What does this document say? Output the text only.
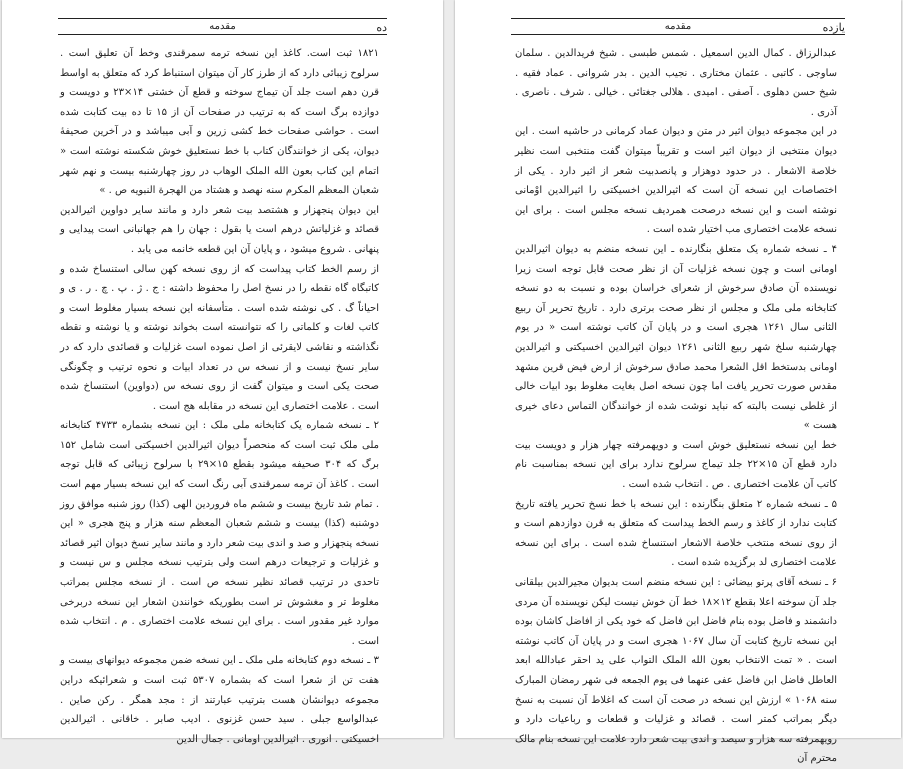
ده
مقدمه

۱۸۲۱ ثبت است. کاغذ این نسخه ترمه سمرقندی وخط آن تعلیق است . سرلوح زیبائی دارد که از طرز کار آن میتوان استنباط کرد که متعلق به اواسط قرن دهم است جلد آن تیماج سوخته و قطع آن خشتی ۱۴×۲۳ و دویست و دوازده برگ است که به ترتیب در صفحات آن از ۱۵ تا ده بیت کتابت شده است . حواشی صفحات خط کشی زرین و آبی میباشد و در آخرین صحیفهٔ دیوان، یکی از خوانندگان کتاب با خط نستعلیق خوش شکسته نوشته است « اتمام این کتاب بعون الله الملک الوهاب در روز چهارشنبه بیست و نهم شهر شعبان المعظم المکرم سنه نهصد و هشتاد من الهجرة النبویه ص . »

این دیوان پنجهزار و هشتصد بیت شعر دارد و مانند سایر دواوین اثیرالدین قصائد و غزلیاتش درهم است یا بقول : جهان را هم جهانبانی است پیدایی و پنهانی . شروع میشود ، و پایان آن این قطعه خانمه می یابد .

از رسم الخط کتاب پیداست که از روی نسخه کهن سالی استنساخ شده و کاتبگاه گاه نقطه را در نسخ اصل را محفوظ داشته : ج . ژ . پ . چ . ر . ی و احیاناً گ . کی نوشته شده است . متأسفانه این نسخه بسیار مغلوط است و کاتب لغات و کلماتی را که نتوانسته است بخواند نوشته و یا نوشته و نقطه نگذاشته و نقاشی لایقرئی از اصل نموده است غزلیات و قصائدی دارد که در سایر نسخ نیست و از نسخه س در تعداد ابیات و نحوه ترتیب و چگونگی صحت یکی است و میتوان گفت از روی نسخه س (دواوین) استنساخ شده است . علامت اختصاری این نسخه در مقابله هج است .

۲ ـ نسخه شماره یک کتابخانه ملی ملک : این نسخه بشماره ۴۷۳۳ کتابخانه ملی ملک ثبت است که منحصراً دیوان اثیرالدین اخسیکتی است شامل ۱۵۲ برگ که ۳۰۴ صحیفه میشود بقطع ۱۵×۲۹ با سرلوح زیبائی که قابل توجه است . کاغذ آن ترمه سمرقندی آبی رنگ است که این نسخه بسیار مهم است . تمام شد تاریخ بیست و ششم ماه فروردین الهی (کذا) روز شنبه موافق روز دوشنبه (کذا) بیست و ششم شعبان المعظم سنه هزار و پنج هجری « این نسخه پنجهزار و صد و اندی بیت شعر دارد و مانند سایر نسخ دیوان اثیر قصائد و غزلیات و ترجیعات درهم است ولی بترتیب نسخه مجلس و س نیست و تاحدی در ترتیب قصائد نظیر نسخه ص است . از نسخه مجلس بمراتب مغلوط تر و مغشوش تر است بطوریکه خوانندن اشعار این نسخه دربرخی موارد غیر مقدور است . برای این نسخه علامت اختصاری . م . انتخاب شده است .

۳ ـ نسخه دوم کتابخانه ملی ملک ـ این نسخه ضمن مجموعه دیوانهای بیست و هفت تن از شعرا است که بشماره ۵۳۰۷ ثبت است و شعرائیکه دراین مجموعه دیوانشان هست بترتیب عبارتند از : مجد همگر . رکن صاین . عبدالواسع جبلی . سید حسن غزنوی . ادیب صابر . خاقانی . اثیرالدین اخسیکتی . انوری . اثیرالدین اومانی . جمال الدین

یازده
مقدمه

عبدالرزاق . کمال الدین اسمعیل . شمس طبسی . شیخ فریدالدین . سلمان ساوجی . کاتبی . عثمان مختاری . نجیب الدین . بدر شروانی . عماد فقیه . شیخ حسن دهلوی . آصفی . امیدی . هلالی جغتائی . خیالی . شرف . ناصری . آذری .

در این مجموعه دیوان اثیر در متن و دیوان عماد کرمانی در حاشیه است . این دیوان منتخبی از دیوان اثیر است و تقریباً میتوان گفت منتخبی است نظیر خلاصة الاشعار . در حدود دوهزار و پانصدبیت شعر از اثیر دارد . یکی از اختصاصات این نسخه آن است که اثیرالدین اخسیکتی را اثیرالدین اوْمانی نوشته است و این نسخه درصحت همردیف نسخه مجلس است . برای این نسخه علامت اختصاری مب اختیار شده است .

۴ ـ نسخه شماره یک متعلق بنگارنده ـ این نسخه منضم به دیوان اثیرالدین اومانی است و چون نسخه غزلیات آن از نظر صحت قابل توجه است زیرا نویسنده آن صادق سرخوش از شعرای خراسان بوده و نسبت به دو نسخه کتابخانه ملی ملک و مجلس از نظر صحت برتری دارد . تاریخ تحریر آن ربیع الثانی سال ۱۲۶۱ هجری است و در پایان آن کاتب نوشته است « در یوم چهارشنبه سلخ شهر ربیع الثانی ۱۲۶۱ دیوان اثیرالدین اخسیکتی و اثیرالدین اومانی بدستخط اقل الشعرا محمد صادق سرخوش از ارض فیض قرین مشهد مقدس صورت تحریر یافت اما چون نسخه اصل بغایت مغلوط بود ابیات خالی از غلطی نیست بالبته که نباید نوشت شده از خوانندگان التماس دعای خیری هست »

خط این نسخه نستعلیق خوش است و دویهمرفته چهار هزار و دویست بیت دارد قطع آن ۱۵×۲۲ جلد تیماج سرلوح ندارد برای این نسخه بمناسبت نام کاتب آن علامت اختصاری . ص . انتخاب شده است .

۵ ـ نسخه شماره ۲ متعلق بنگارنده : این نسخه با خط نسخ تحریر یافته تاریخ کتابت ندارد از کاغذ و رسم الخط پیداست که متعلق به قرن دوازدهم است و از روی نسخه منتخب خلاصة الاشعار استنساخ شده است . برای این نسخه علامت اختصاری لد برگزیده شده است .

۶ ـ نسخه آقای پرتو بیضائی : این نسخه منضم است بدیوان مجیرالدین بیلقانی جلد آن سوخته اعلا بقطع ۱۲×۱۸ خط آن خوش نیست لیکن نویسنده آن مردی دانشمند و فاضل بوده بنام فاضل ابن فاضل که خود یکی از افاضل کاشان بوده این نسخه تاریخ کتابت آن سال ۱۰۶۷ هجری است و در پایان آن کاتب نوشته است . « تمت الانتخاب بعون الله الملک التواب علی ید احقر عبادالله ابعد العاطل فاضل ابن فاضل عفی عنهما فی یوم الجمعه فی شهر رمضان المبارک سنه ۱۰۶۸ » ارزش این نسخه در صحت آن است که اغلاط آن نسبت به نسخ دیگر بمراتب کمتر است . قصائد و غزلیات و قطعات و رباعیات دارد و رویهمرفته سه هزار و سیصد و اندی بیت شعر دارد علامت این نسخه بنام مالک محترم آن
